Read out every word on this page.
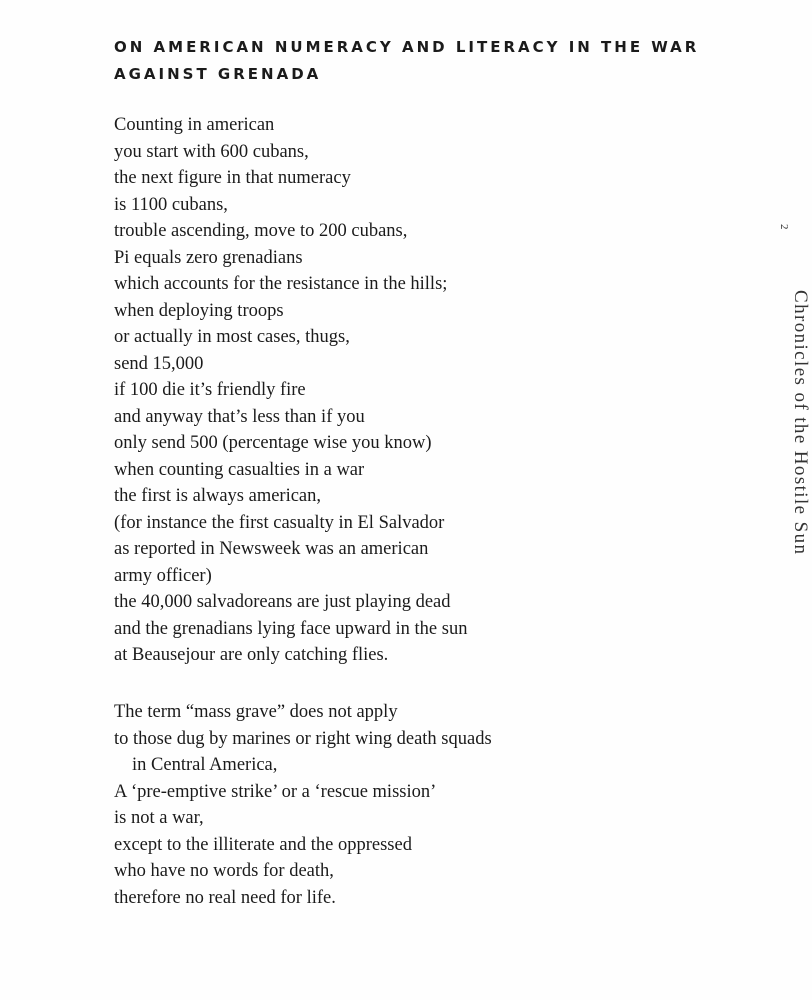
ON AMERICAN NUMERACY AND LITERACY IN THE WAR
AGAINST GRENADA
Counting in american
you start with 600 cubans,
the next figure in that numeracy
is 1100 cubans,
trouble ascending, move to 200 cubans,
Pi equals zero grenadians
which accounts for the resistance in the hills;
when deploying troops
or actually in most cases, thugs,
send 15,000
if 100 die it’s friendly fire
and anyway that’s less than if you
only send 500 (percentage wise you know)
when counting casualties in a war
the first is always american,
(for instance the first casualty in El Salvador
as reported in Newsweek was an american
army officer)
the 40,000 salvadoreans are just playing dead
and the grenadians lying face upward in the sun
at Beausejour are only catching flies.
The term “mass grave” does not apply
to those dug by marines or right wing death squads
in Central America,
A ‘pre-emptive strike’ or a ‘rescue mission’
is not a war,
except to the illiterate and the oppressed
who have no words for death,
therefore no real need for life.
2
Chronicles of the Hostile Sun
